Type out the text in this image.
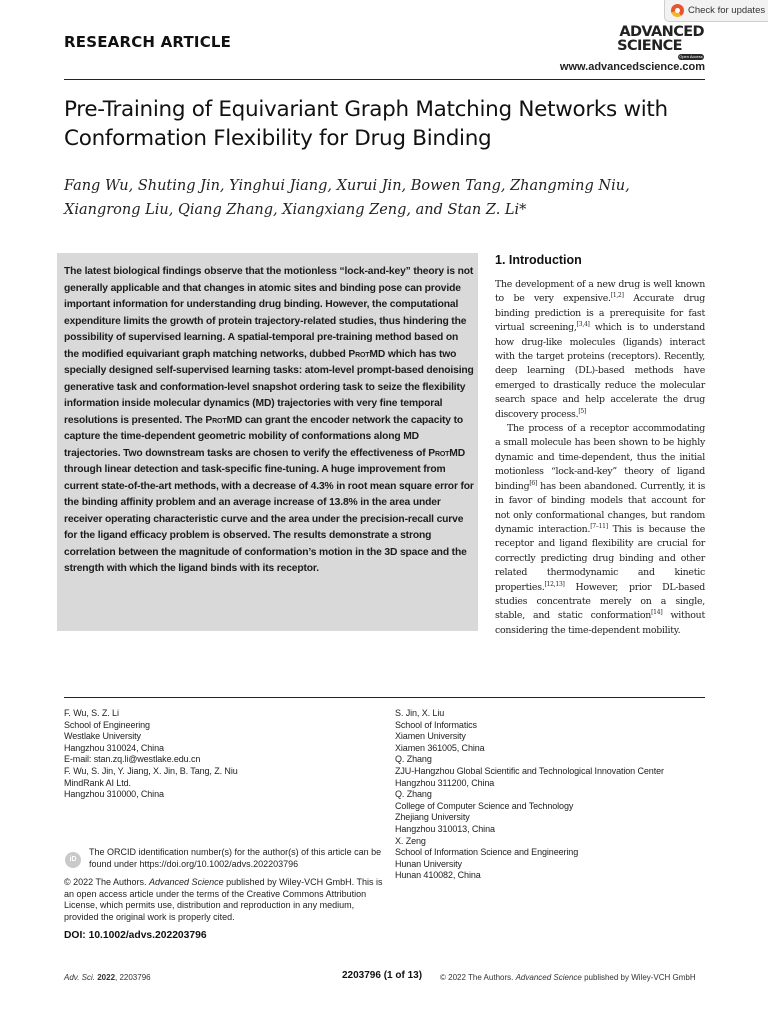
Check for updates
RESEARCH ARTICLE
ADVANCED
SCIENCE
Open Access
www.advancedscience.com
Pre-Training of Equivariant Graph Matching Networks with Conformation Flexibility for Drug Binding

Fang Wu, Shuting Jin, Yinghui Jiang, Xurui Jin, Bowen Tang, Zhangming Niu, Xiangrong Liu, Qiang Zhang, Xiangxiang Zeng, and Stan Z. Li*

The latest biological findings observe that the motionless “lock-and-key” theory is not generally applicable and that changes in atomic sites and binding pose can provide important information for understanding drug binding. However, the computational expenditure limits the growth of protein trajectory-related studies, thus hindering the possibility of supervised learning. A spatial-temporal pre-training method based on the modified equivariant graph matching networks, dubbed ProtMD which has two specially designed self-supervised learning tasks: atom-level prompt-based denoising generative task and conformation-level snapshot ordering task to seize the flexibility information inside molecular dynamics (MD) trajectories with very fine temporal resolutions is presented. The ProtMD can grant the encoder network the capacity to capture the time-dependent geometric mobility of conformations along MD trajectories. Two downstream tasks are chosen to verify the effectiveness of ProtMD through linear detection and task-specific fine-tuning. A huge improvement from current state-of-the-art methods, with a decrease of 4.3% in root mean square error for the binding affinity problem and an average increase of 13.8% in the area under receiver operating characteristic curve and the area under the precision-recall curve for the ligand efficacy problem is observed. The results demonstrate a strong correlation between the magnitude of conformation’s motion in the 3D space and the strength with which the ligand binds with its receptor.

1. Introduction

The development of a new drug is well known to be very expensive.[1,2] Accurate drug binding prediction is a prerequisite for fast virtual screening,[3,4] which is to understand how drug-like molecules (ligands) interact with the target proteins (receptors). Recently, deep learning (DL)-based methods have emerged to drastically reduce the molecular search space and help accelerate the drug discovery process.[5]

The process of a receptor accommodating a small molecule has been shown to be highly dynamic and time-dependent, thus the initial motionless “lock-and-key” theory of ligand binding[6] has been abandoned. Currently, it is in favor of binding models that account for not only conformational changes, but random dynamic interaction.[7–11] This is because the receptor and ligand flexibility are crucial for correctly predicting drug binding and other related thermodynamic and kinetic properties.[12,13] However, prior DL-based studies concentrate merely on a single, stable, and static conformation[14] without considering the time-dependent mobility.

F. Wu, S. Z. Li
School of Engineering
Westlake University
Hangzhou 310024, China
E-mail: stan.zq.li@westlake.edu.cn
F. Wu, S. Jin, Y. Jiang, X. Jin, B. Tang, Z. Niu
MindRank AI Ltd.
Hangzhou 310000, China
S. Jin, X. Liu
School of Informatics
Xiamen University
Xiamen 361005, China
Q. Zhang
ZJU-Hangzhou Global Scientific and Technological Innovation Center
Hangzhou 311200, China
Q. Zhang
College of Computer Science and Technology
Zhejiang University
Hangzhou 310013, China
X. Zeng
School of Information Science and Engineering
Hunan University
Hunan 410082, China
iD
The ORCID identification number(s) for the author(s) of this article can be found under https://doi.org/10.1002/advs.202203796
© 2022 The Authors. Advanced Science published by Wiley-VCH GmbH. This is an open access article under the terms of the Creative Commons Attribution License, which permits use, distribution and reproduction in any medium, provided the original work is properly cited.
DOI: 10.1002/advs.202203796
Adv. Sci. 2022, 2203796	2203796 (1 of 13) © 2022 The Authors. Advanced Science published by Wiley-VCH GmbH
